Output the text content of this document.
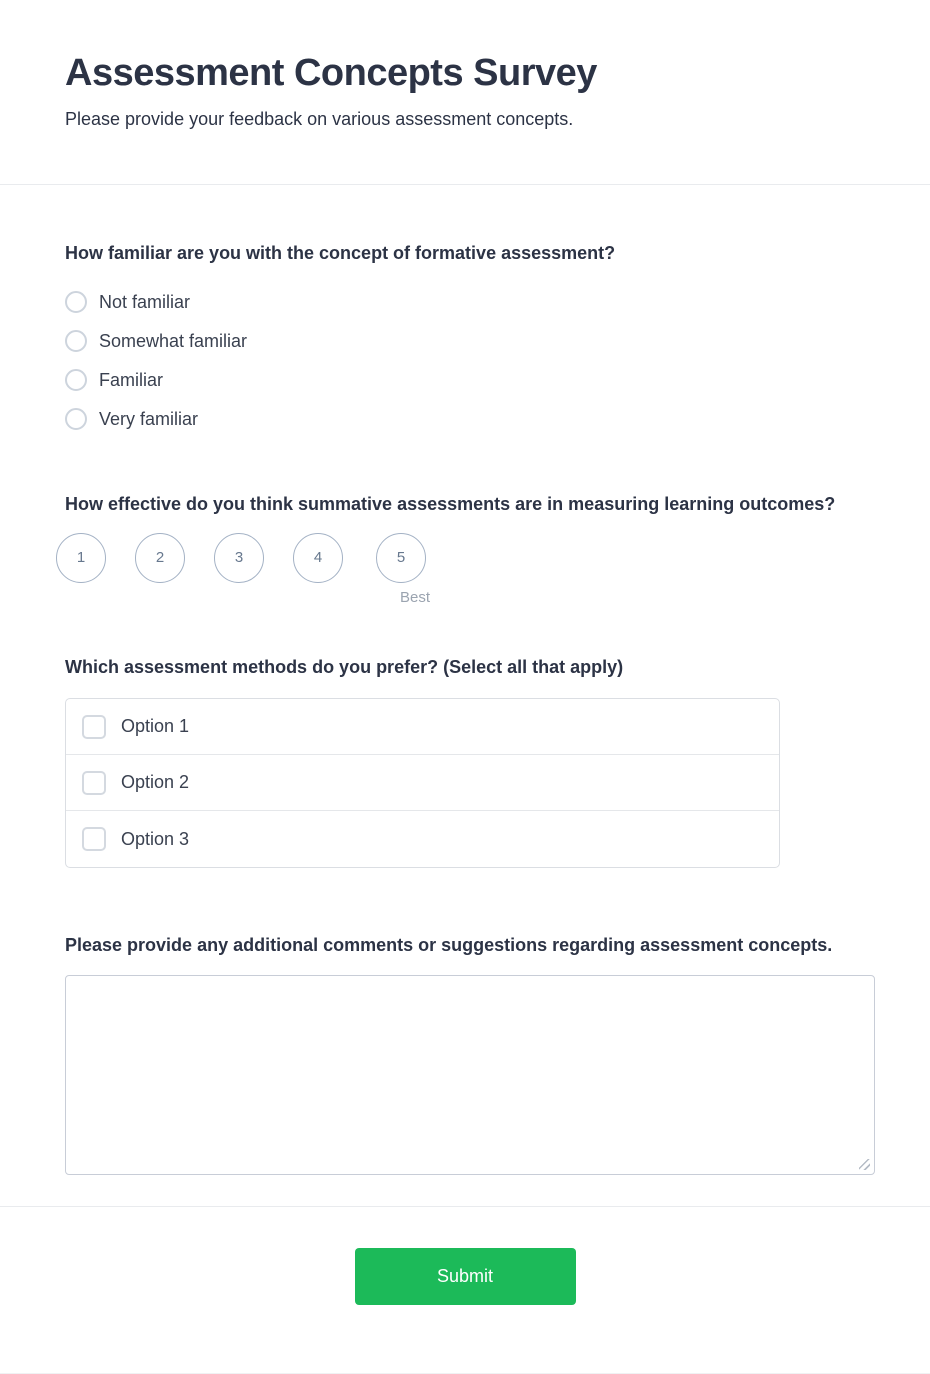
Assessment Concepts Survey
Please provide your feedback on various assessment concepts.
How familiar are you with the concept of formative assessment?
Not familiar
Somewhat familiar
Familiar
Very familiar
How effective do you think summative assessments are in measuring learning outcomes?
1	2	3	4	5
Best
Which assessment methods do you prefer? (Select all that apply)
Option 1
Option 2
Option 3
Please provide any additional comments or suggestions regarding assessment concepts.
Submit
